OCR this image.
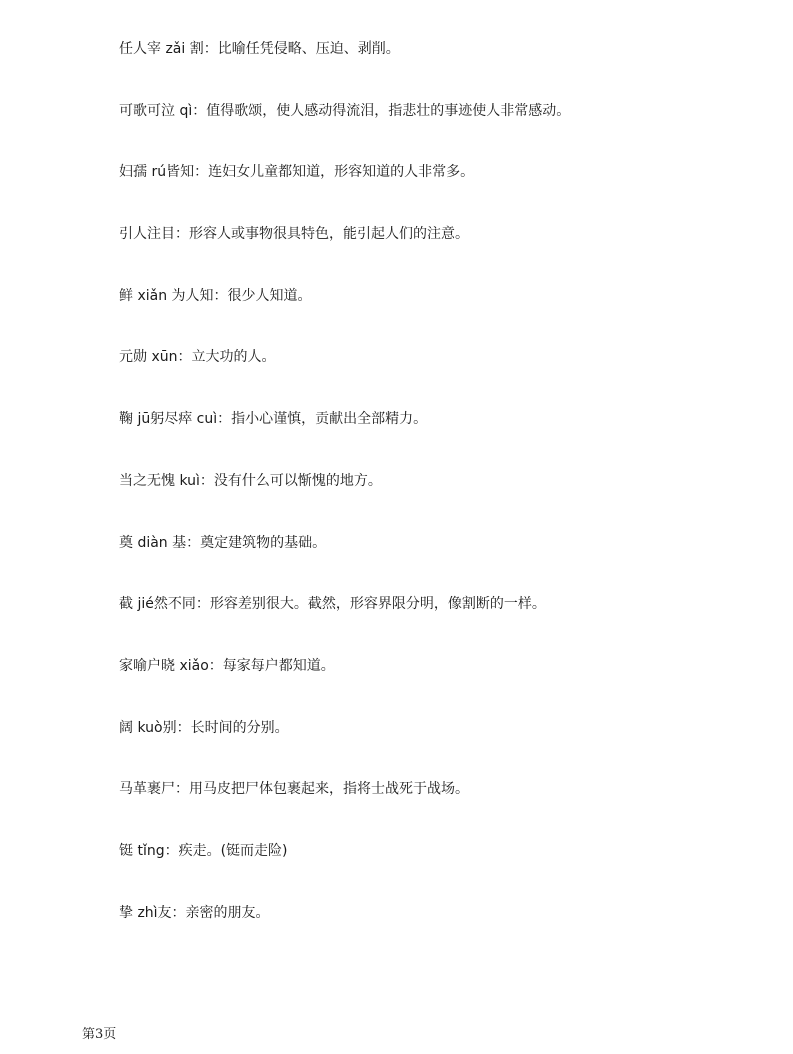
任人宰 zǎi 割：比喻任凭侵略、压迫、剥削。
可歌可泣 qì：值得歌颂，使人感动得流泪，指悲壮的事迹使人非常感动。
妇孺 rú皆知：连妇女儿童都知道，形容知道的人非常多。
引人注目：形容人或事物很具特色，能引起人们的注意。
鲜 xiǎn 为人知：很少人知道。
元勋 xūn：立大功的人。
鞠 jū躬尽瘁 cuì：指小心谨慎，贡献出全部精力。
当之无愧 kuì：没有什么可以惭愧的地方。
奠 diàn 基：奠定建筑物的基础。
截 jié然不同：形容差别很大。截然，形容界限分明，像割断的一样。
家喻户晓 xiǎo：每家每户都知道。
阔 kuò别：长时间的分别。
马革裹尸：用马皮把尸体包裹起来，指将士战死于战场。
铤 tǐng：疾走。(铤而走险)
挚 zhì友：亲密的朋友。
第3页
